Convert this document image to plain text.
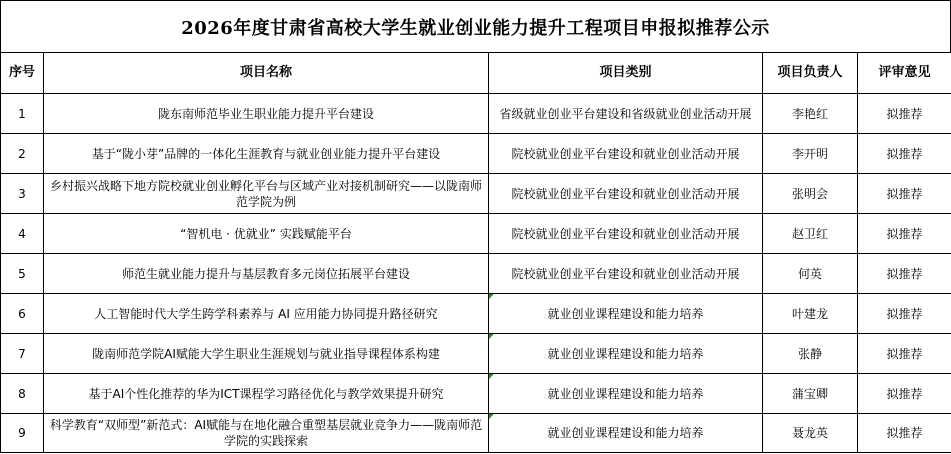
2026年度甘肃省高校大学生就业创业能力提升工程项目申报拟推荐公示
序号	项目名称	项目类别	项目负责人	评审意见
1	陇东南师范毕业生职业能力提升平台建设	省级就业创业平台建设和省级就业创业活动开展	李艳红	拟推荐
2	基于“陇小芽”品牌的一体化生涯教育与就业创业能力提升平台建设	院校就业创业平台建设和就业创业活动开展	李开明	拟推荐
3	乡村振兴战略下地方院校就业创业孵化平台与区域产业对接机制研究——以陇南师范学院为例	院校就业创业平台建设和就业创业活动开展	张明会	拟推荐
4	“智机电 · 优就业” 实践赋能平台	院校就业创业平台建设和就业创业活动开展	赵卫红	拟推荐
5	师范生就业能力提升与基层教育多元岗位拓展平台建设	院校就业创业平台建设和就业创业活动开展	何英	拟推荐
6	人工智能时代大学生跨学科素养与 AI 应用能力协同提升路径研究	就业创业课程建设和能力培养	叶建龙	拟推荐
7	陇南师范学院AI赋能大学生职业生涯规划与就业指导课程体系构建	就业创业课程建设和能力培养	张静	拟推荐
8	基于AI个性化推荐的华为ICT课程学习路径优化与教学效果提升研究	就业创业课程建设和能力培养	蒲宝卿	拟推荐
9	科学教育“双师型”新范式：AI赋能与在地化融合重塑基层就业竞争力——陇南师范学院的实践探索	就业创业课程建设和能力培养	聂龙英	拟推荐
